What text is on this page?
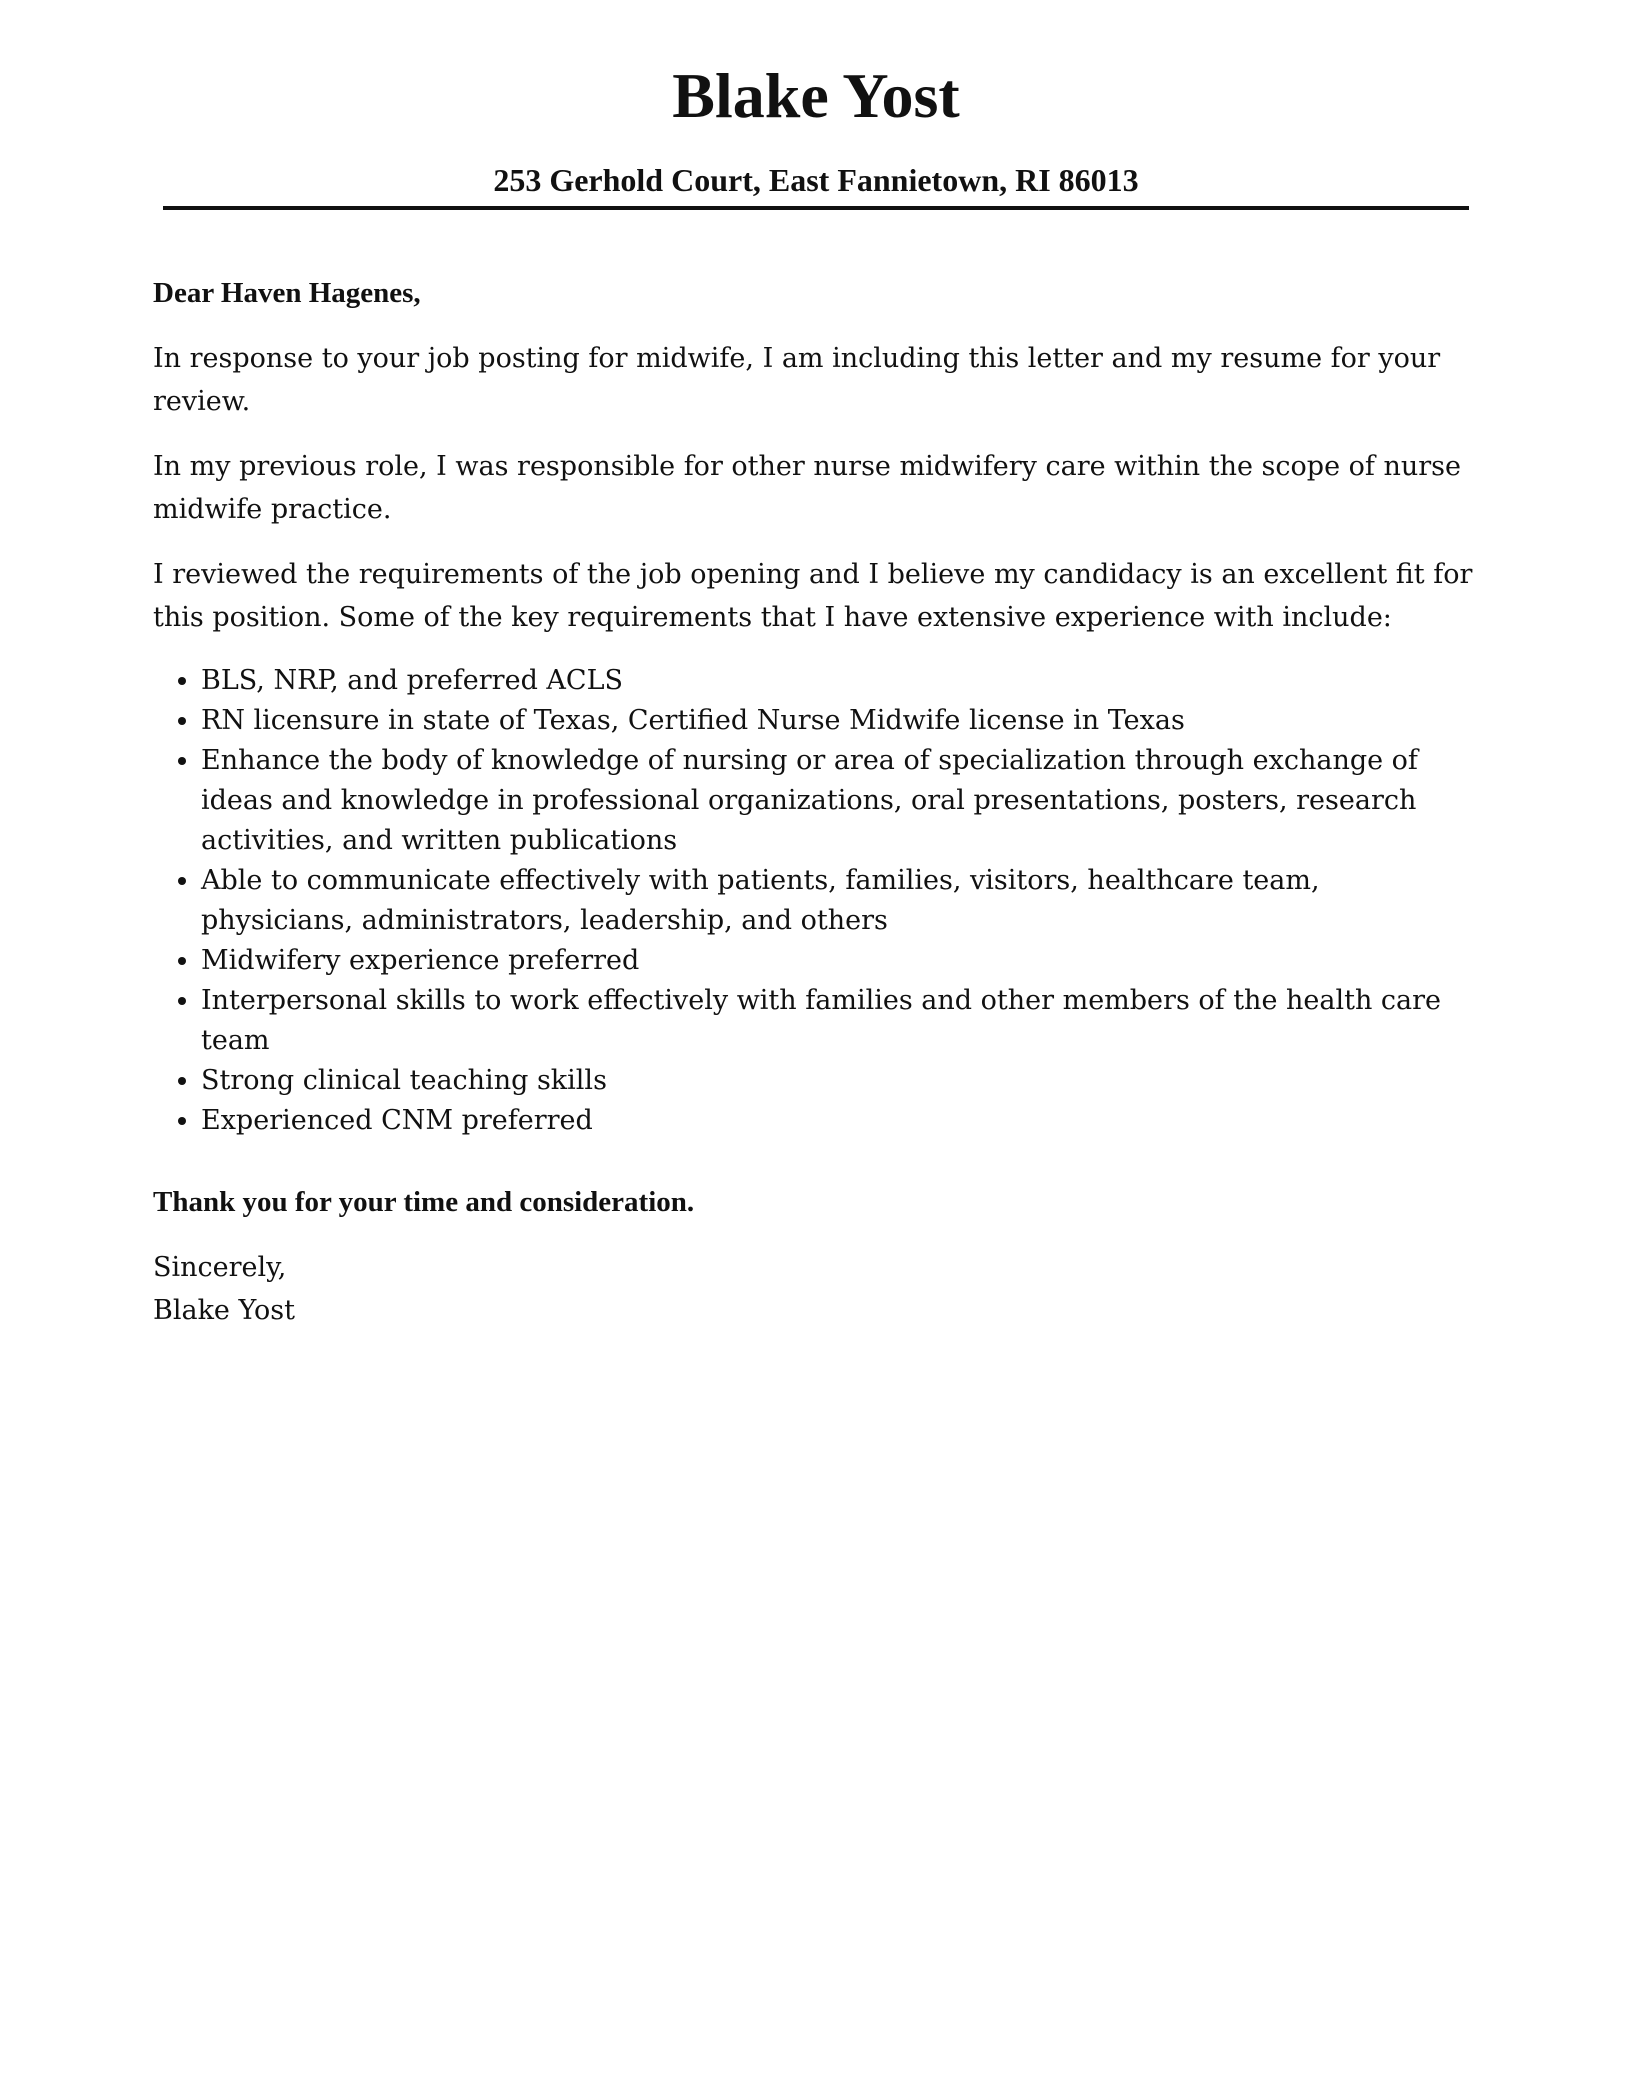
Blake Yost
253 Gerhold Court, East Fannietown, RI 86013

Dear Haven Hagenes,

In response to your job posting for midwife, I am including this letter and my resume for your review.

In my previous role, I was responsible for other nurse midwifery care within the scope of nurse midwife practice.

I reviewed the requirements of the job opening and I believe my candidacy is an excellent fit for this position. Some of the key requirements that I have extensive experience with include:

• BLS, NRP, and preferred ACLS
• RN licensure in state of Texas, Certified Nurse Midwife license in Texas
• Enhance the body of knowledge of nursing or area of specialization through exchange of ideas and knowledge in professional organizations, oral presentations, posters, research activities, and written publications
• Able to communicate effectively with patients, families, visitors, healthcare team, physicians, administrators, leadership, and others
• Midwifery experience preferred
• Interpersonal skills to work effectively with families and other members of the health care team
• Strong clinical teaching skills
• Experienced CNM preferred

Thank you for your time and consideration.

Sincerely,

Blake Yost
